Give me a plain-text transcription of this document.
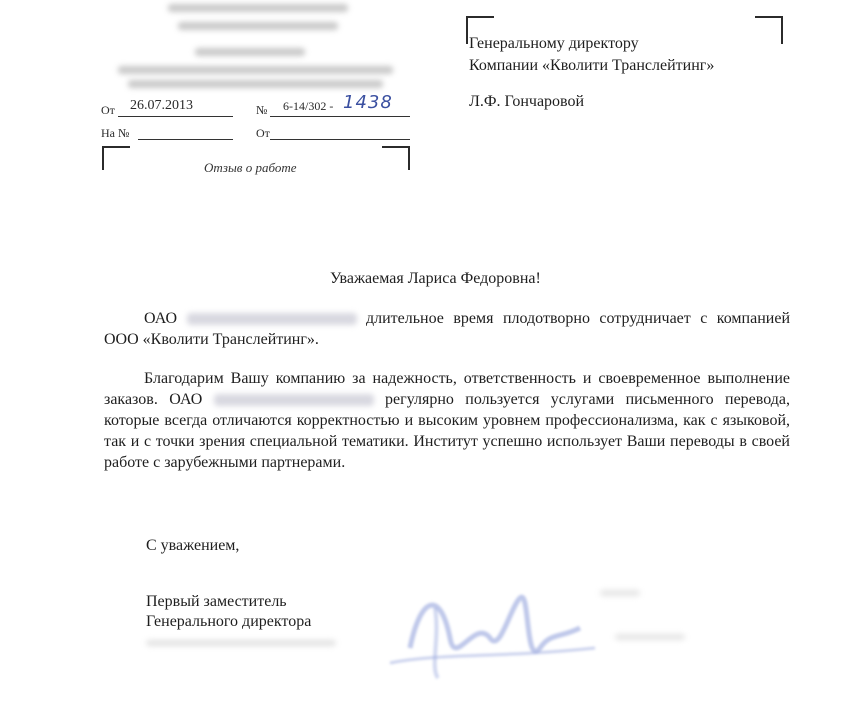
От 26.07.2013	№ 6-14/302 - 1438
На №	От
Отзыв о работе
Генеральному директору
Компании «Кволити Транслейтинг»
Л.Ф. Гончаровой
Уважаемая Лариса Федоровна!
ОАО	длительное время плодотворно сотрудничает с компанией ООО «Кволити Транслейтинг».
Благодарим Вашу компанию за надежность, ответственность и своевременное выполнение заказов. ОАО	регулярно пользуется услугами письменного перевода, которые всегда отличаются корректностью и высоким уровнем профессионализма, как с языковой, так и с точки зрения специальной тематики. Институт успешно использует Ваши переводы в своей работе с зарубежными партнерами.
С уважением,
Первый заместитель
Генерального директора
